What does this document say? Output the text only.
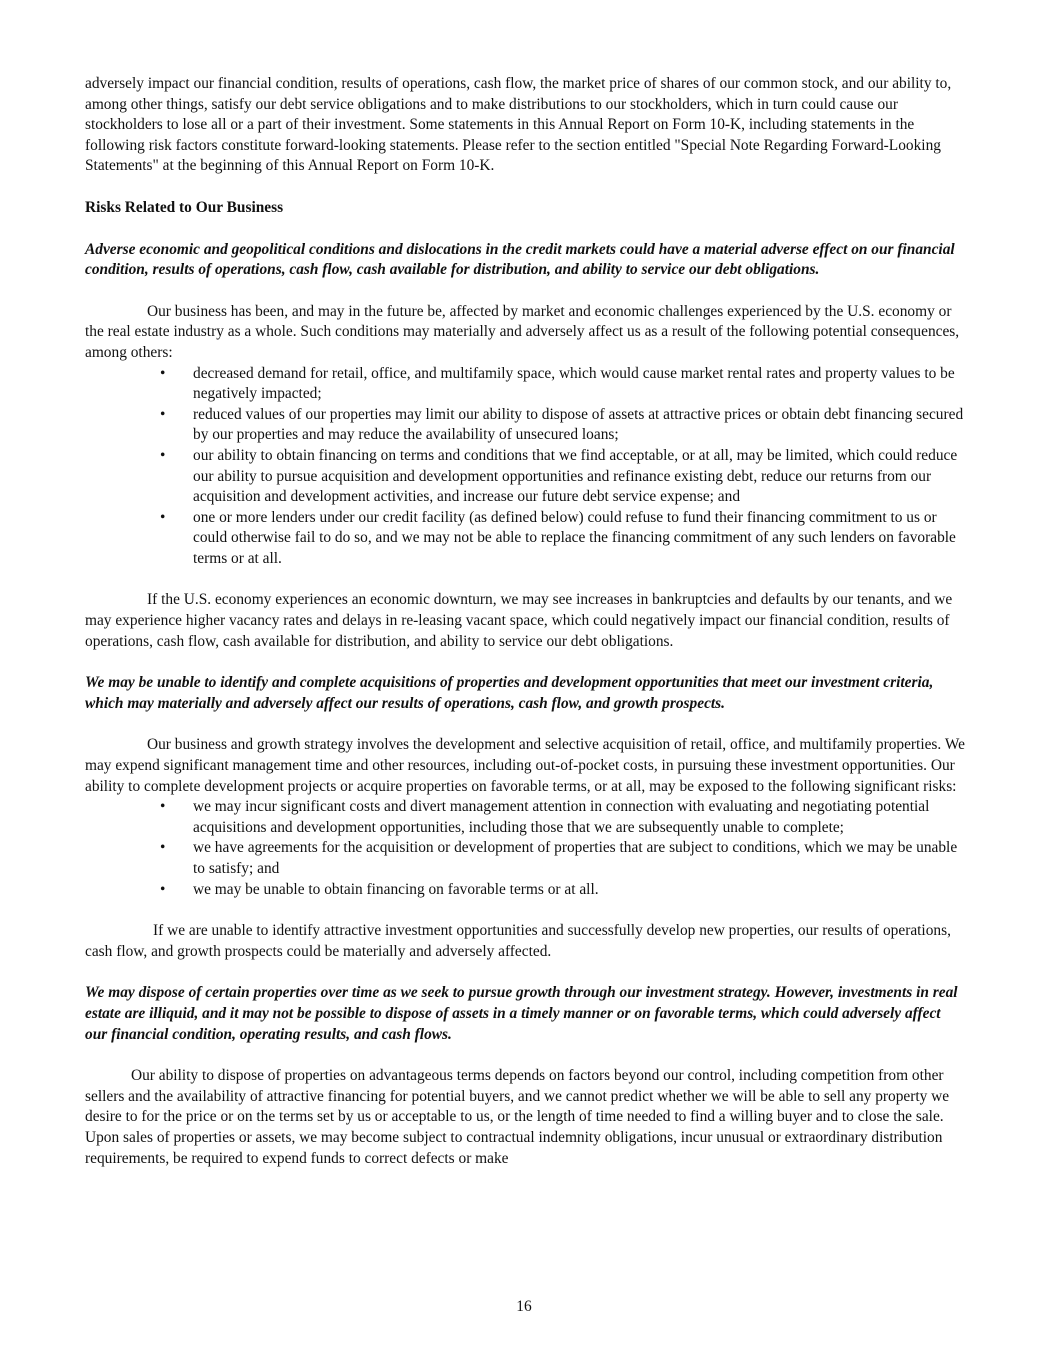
adversely impact our financial condition, results of operations, cash flow, the market price of shares of our common stock, and our ability to, among other things, satisfy our debt service obligations and to make distributions to our stockholders, which in turn could cause our stockholders to lose all or a part of their investment. Some statements in this Annual Report on Form 10-K, including statements in the following risk factors constitute forward-looking statements. Please refer to the section entitled "Special Note Regarding Forward-Looking Statements" at the beginning of this Annual Report on Form 10-K.

Risks Related to Our Business

Adverse economic and geopolitical conditions and dislocations in the credit markets could have a material adverse effect on our financial condition, results of operations, cash flow, cash available for distribution, and ability to service our debt obligations.

Our business has been, and may in the future be, affected by market and economic challenges experienced by the U.S. economy or the real estate industry as a whole. Such conditions may materially and adversely affect us as a result of the following potential consequences, among others:

• decreased demand for retail, office, and multifamily space, which would cause market rental rates and property values to be negatively impacted;
• reduced values of our properties may limit our ability to dispose of assets at attractive prices or obtain debt financing secured by our properties and may reduce the availability of unsecured loans;
• our ability to obtain financing on terms and conditions that we find acceptable, or at all, may be limited, which could reduce our ability to pursue acquisition and development opportunities and refinance existing debt, reduce our returns from our acquisition and development activities, and increase our future debt service expense; and
• one or more lenders under our credit facility (as defined below) could refuse to fund their financing commitment to us or could otherwise fail to do so, and we may not be able to replace the financing commitment of any such lenders on favorable terms or at all.

If the U.S. economy experiences an economic downturn, we may see increases in bankruptcies and defaults by our tenants, and we may experience higher vacancy rates and delays in re-leasing vacant space, which could negatively impact our financial condition, results of operations, cash flow, cash available for distribution, and ability to service our debt obligations.

We may be unable to identify and complete acquisitions of properties and development opportunities that meet our investment criteria, which may materially and adversely affect our results of operations, cash flow, and growth prospects.

Our business and growth strategy involves the development and selective acquisition of retail, office, and multifamily properties. We may expend significant management time and other resources, including out-of-pocket costs, in pursuing these investment opportunities. Our ability to complete development projects or acquire properties on favorable terms, or at all, may be exposed to the following significant risks:

• we may incur significant costs and divert management attention in connection with evaluating and negotiating potential acquisitions and development opportunities, including those that we are subsequently unable to complete;
• we have agreements for the acquisition or development of properties that are subject to conditions, which we may be unable to satisfy; and
• we may be unable to obtain financing on favorable terms or at all.

If we are unable to identify attractive investment opportunities and successfully develop new properties, our results of operations, cash flow, and growth prospects could be materially and adversely affected.

We may dispose of certain properties over time as we seek to pursue growth through our investment strategy. However, investments in real estate are illiquid, and it may not be possible to dispose of assets in a timely manner or on favorable terms, which could adversely affect our financial condition, operating results, and cash flows.

Our ability to dispose of properties on advantageous terms depends on factors beyond our control, including competition from other sellers and the availability of attractive financing for potential buyers, and we cannot predict whether we will be able to sell any property we desire to for the price or on the terms set by us or acceptable to us, or the length of time needed to find a willing buyer and to close the sale. Upon sales of properties or assets, we may become subject to contractual indemnity obligations, incur unusual or extraordinary distribution requirements, be required to expend funds to correct defects or make

16
